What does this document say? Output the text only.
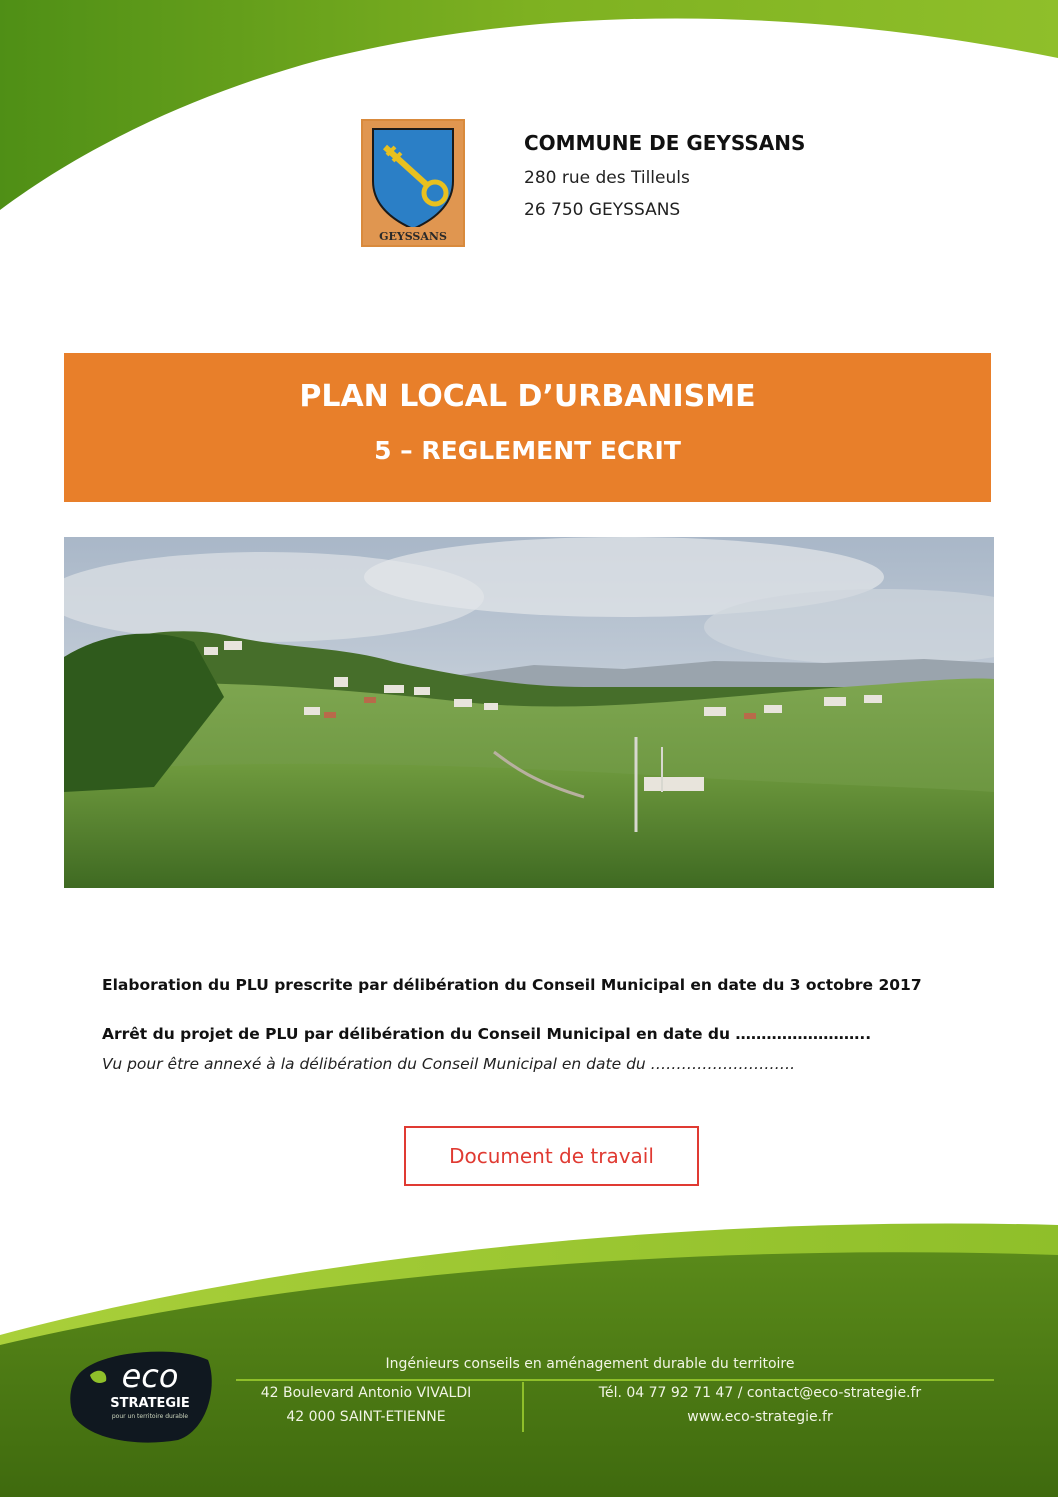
GEYSSANS
COMMUNE DE GEYSSANS
280 rue des Tilleuls
26 750 GEYSSANS
PLAN LOCAL D’URBANISME
5 – REGLEMENT ECRIT
Elaboration du PLU prescrite par délibération du Conseil Municipal en date du 3 octobre 2017
Arrêt du projet de PLU par délibération du Conseil Municipal en date du ……………………..
Vu pour être annexé à la délibération du Conseil Municipal en date du ……………………….
Document de travail
eco
STRATEGIE
pour un territoire durable
Ingénieurs conseils en aménagement durable du territoire
42 Boulevard Antonio VIVALDI
42 000 SAINT-ETIENNE
Tél. 04 77 92 71 47 / contact@eco-strategie.fr
www.eco-strategie.fr
